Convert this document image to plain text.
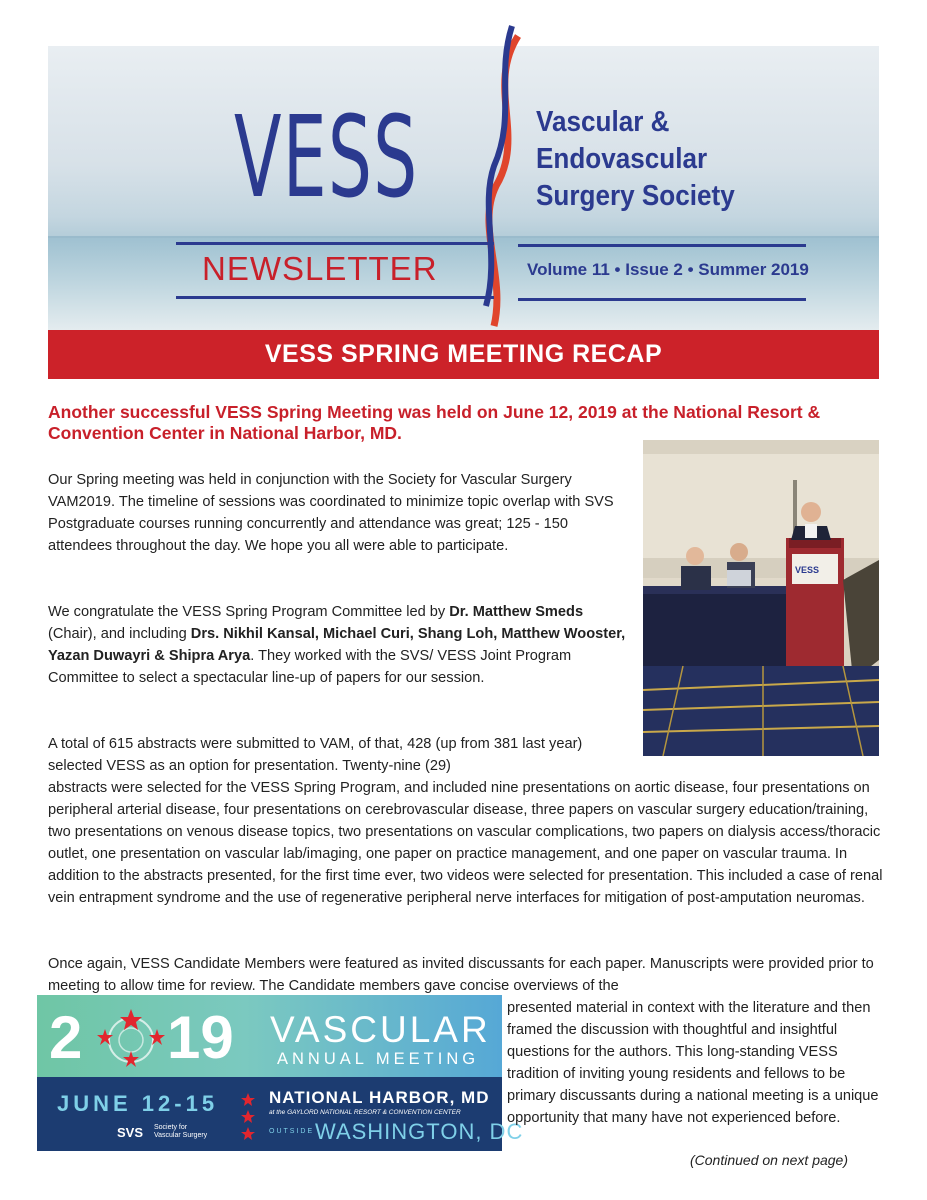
VESS
NEWSLETTER
Vascular &
Endovascular
Surgery Society
Volume 11 • Issue 2 • Summer 2019
VESS SPRING MEETING RECAP
Another successful VESS Spring Meeting was held on June 12, 2019 at the National Resort & Convention Center in National Harbor, MD.
VESS

Our Spring meeting was held in conjunction with the Society for Vascular Surgery VAM2019. The timeline of sessions was coordinated to minimize topic overlap with SVS Postgraduate courses running concurrently and attendance was great; 125 - 150 attendees throughout the day. We hope you all were able to participate.

We congratulate the VESS Spring Program Committee led by Dr. Matthew Smeds (Chair), and including Drs. Nikhil Kansal, Michael Curi, Shang Loh, Matthew Wooster, Yazan Duwayri & Shipra Arya. They worked with the SVS/ VESS Joint Program Committee to select a spectacular line-up of papers for our session.

A total of 615 abstracts were submitted to VAM, of that, 428 (up from 381 last year) selected VESS as an option for presentation. Twenty-nine (29)

abstracts were selected for the VESS Spring Program, and included nine presentations on aortic disease, four presentations on peripheral arterial disease, four presentations on cerebrovascular disease, three papers on vascular surgery education/training, two presentations on venous disease topics, two presentations on vascular complications, two papers on dialysis access/thoracic outlet, one presentation on vascular lab/imaging, one paper on practice management, and one paper on vascular trauma. In addition to the abstracts presented, for the first time ever, two videos were selected for presentation. This included a case of renal vein entrapment syndrome and the use of regenerative peripheral nerve interfaces for mitigation of post-amputation neuromas.

Once again, VESS Candidate Members were featured as invited discussants for each paper. Manuscripts were provided prior to meeting to allow time for review. The Candidate members gave concise overviews of the

2 19 VASCULAR
ANNUAL MEETING
JUNE 12-15
SVS Society for Vascular Surgery
NATIONAL HARBOR, MD
at the GAYLORD NATIONAL RESORT & CONVENTION CENTER
OUTSIDE WASHINGTON, DC

presented material in context with the literature and then framed the discussion with thoughtful and insightful questions for the authors. This long-standing VESS tradition of inviting young residents and fellows to be primary discussants during a national meeting is a unique opportunity that many have not experienced before.

(Continued on next page)
